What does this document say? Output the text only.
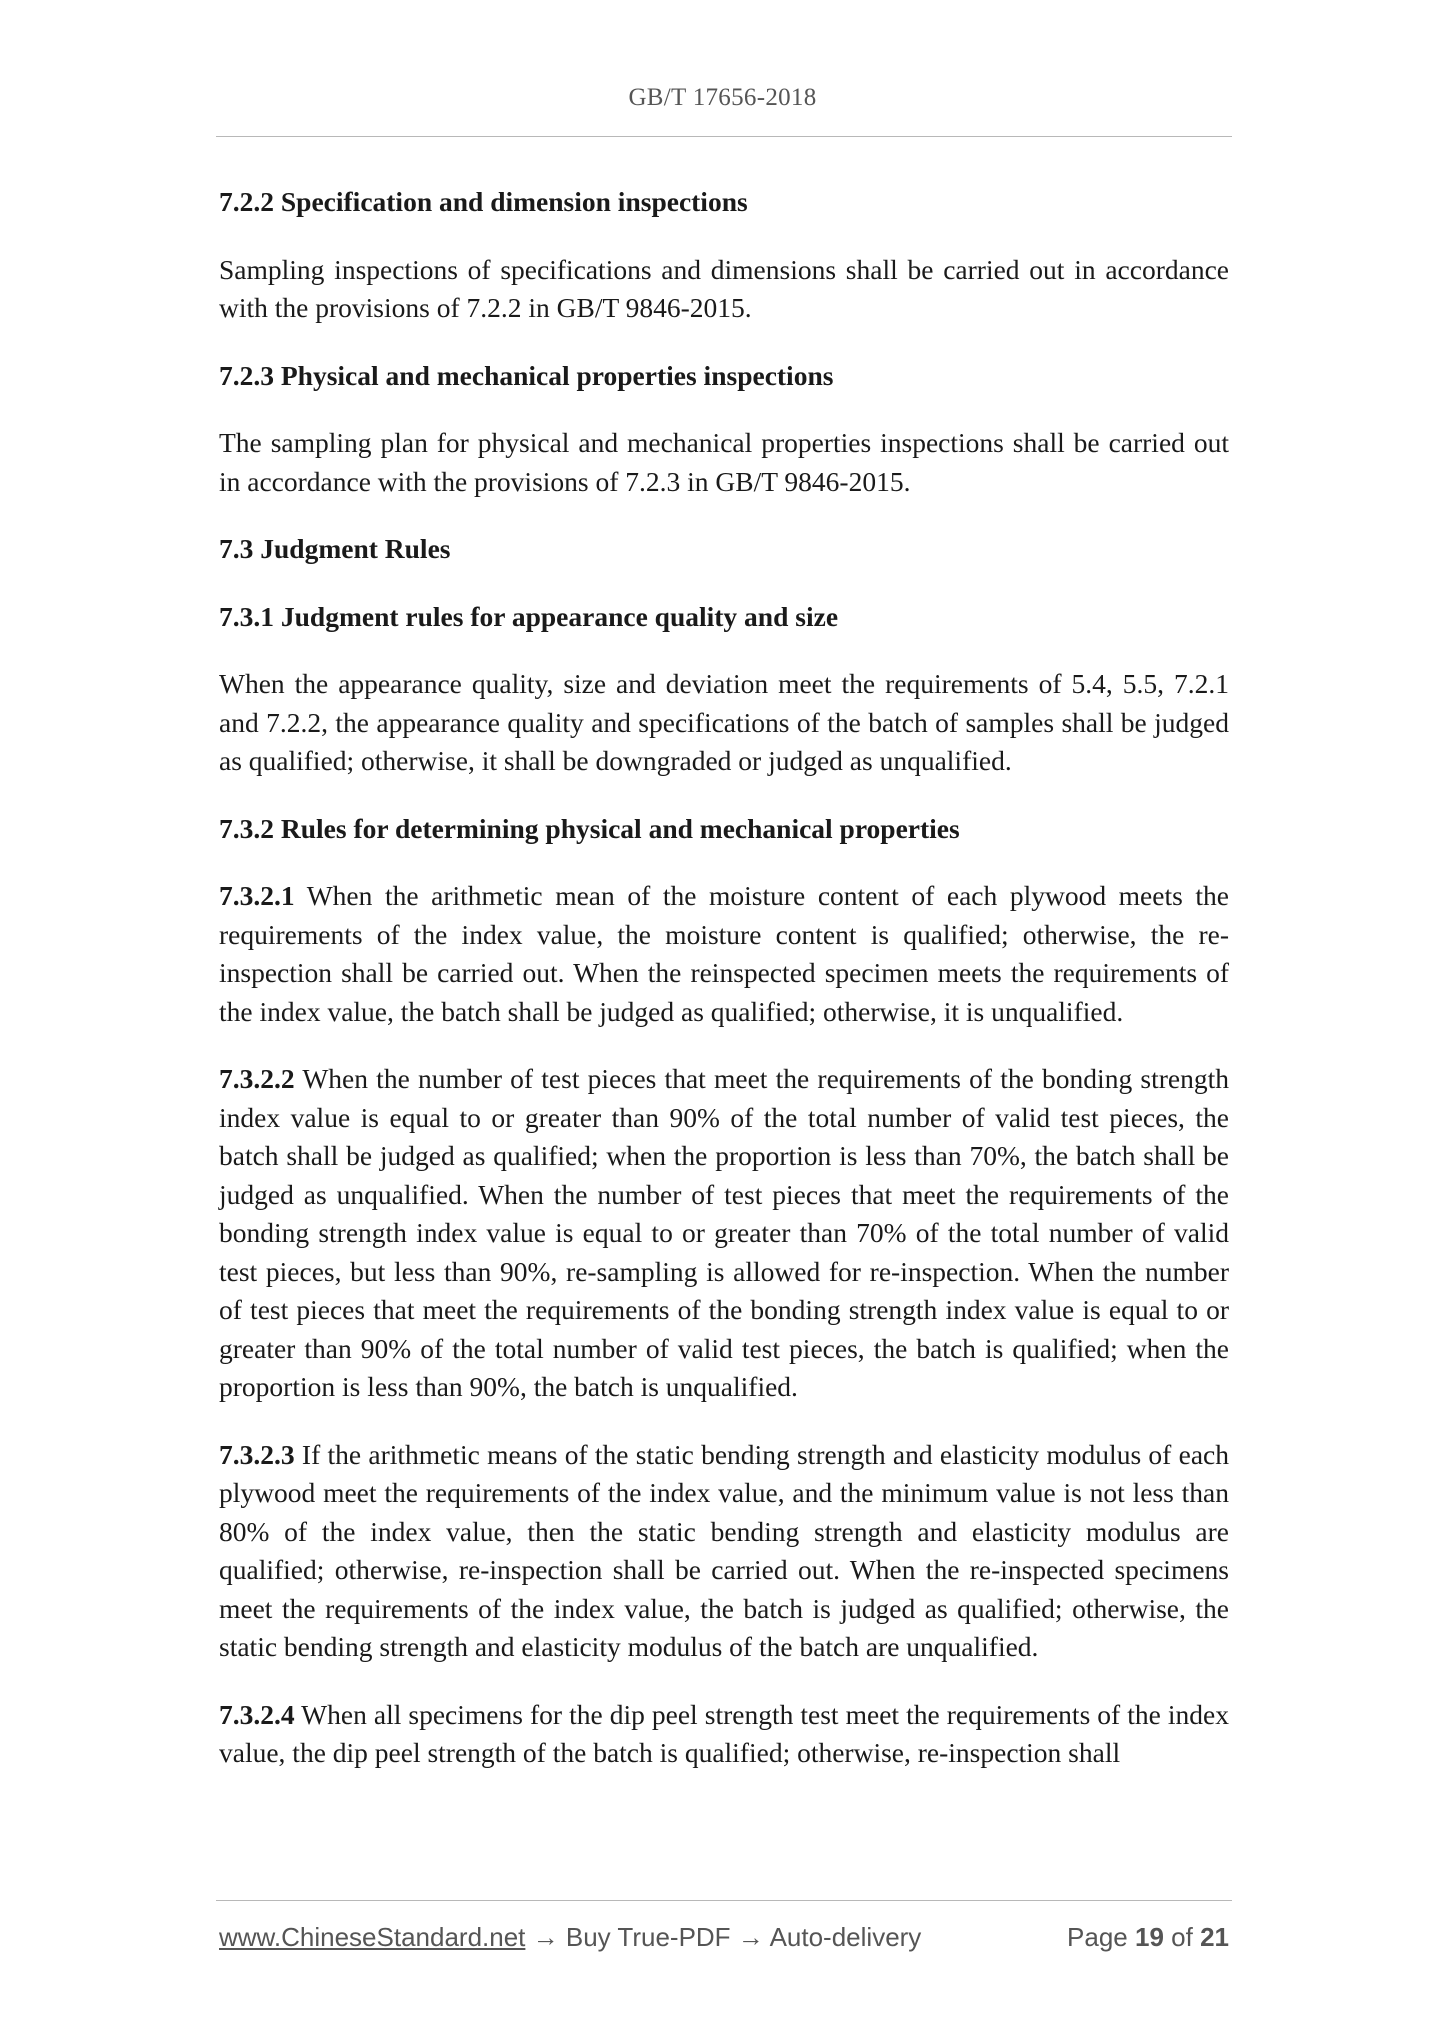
GB/T 17656-2018
7.2.2 Specification and dimension inspections

Sampling inspections of specifications and dimensions shall be carried out in accordance with the provisions of 7.2.2 in GB/T 9846-2015.

7.2.3 Physical and mechanical properties inspections

The sampling plan for physical and mechanical properties inspections shall be carried out in accordance with the provisions of 7.2.3 in GB/T 9846-2015.

7.3 Judgment Rules
7.3.1 Judgment rules for appearance quality and size

When the appearance quality, size and deviation meet the requirements of 5.4, 5.5, 7.2.1 and 7.2.2, the appearance quality and specifications of the batch of samples shall be judged as qualified; otherwise, it shall be downgraded or judged as unqualified.

7.3.2 Rules for determining physical and mechanical properties

7.3.2.1 When the arithmetic mean of the moisture content of each plywood meets the requirements of the index value, the moisture content is qualified; otherwise, the re-inspection shall be carried out. When the reinspected specimen meets the requirements of the index value, the batch shall be judged as qualified; otherwise, it is unqualified.

7.3.2.2 When the number of test pieces that meet the requirements of the bonding strength index value is equal to or greater than 90% of the total number of valid test pieces, the batch shall be judged as qualified; when the proportion is less than 70%, the batch shall be judged as unqualified. When the number of test pieces that meet the requirements of the bonding strength index value is equal to or greater than 70% of the total number of valid test pieces, but less than 90%, re-sampling is allowed for re-inspection. When the number of test pieces that meet the requirements of the bonding strength index value is equal to or greater than 90% of the total number of valid test pieces, the batch is qualified; when the proportion is less than 90%, the batch is unqualified.

7.3.2.3 If the arithmetic means of the static bending strength and elasticity modulus of each plywood meet the requirements of the index value, and the minimum value is not less than 80% of the index value, then the static bending strength and elasticity modulus are qualified; otherwise, re-inspection shall be carried out. When the re-inspected specimens meet the requirements of the index value, the batch is judged as qualified; otherwise, the static bending strength and elasticity modulus of the batch are unqualified.

7.3.2.4 When all specimens for the dip peel strength test meet the requirements of the index value, the dip peel strength of the batch is qualified; otherwise, re-inspection shall

www.ChineseStandard.net → Buy True-PDF → Auto-delivery	Page 19 of 21
